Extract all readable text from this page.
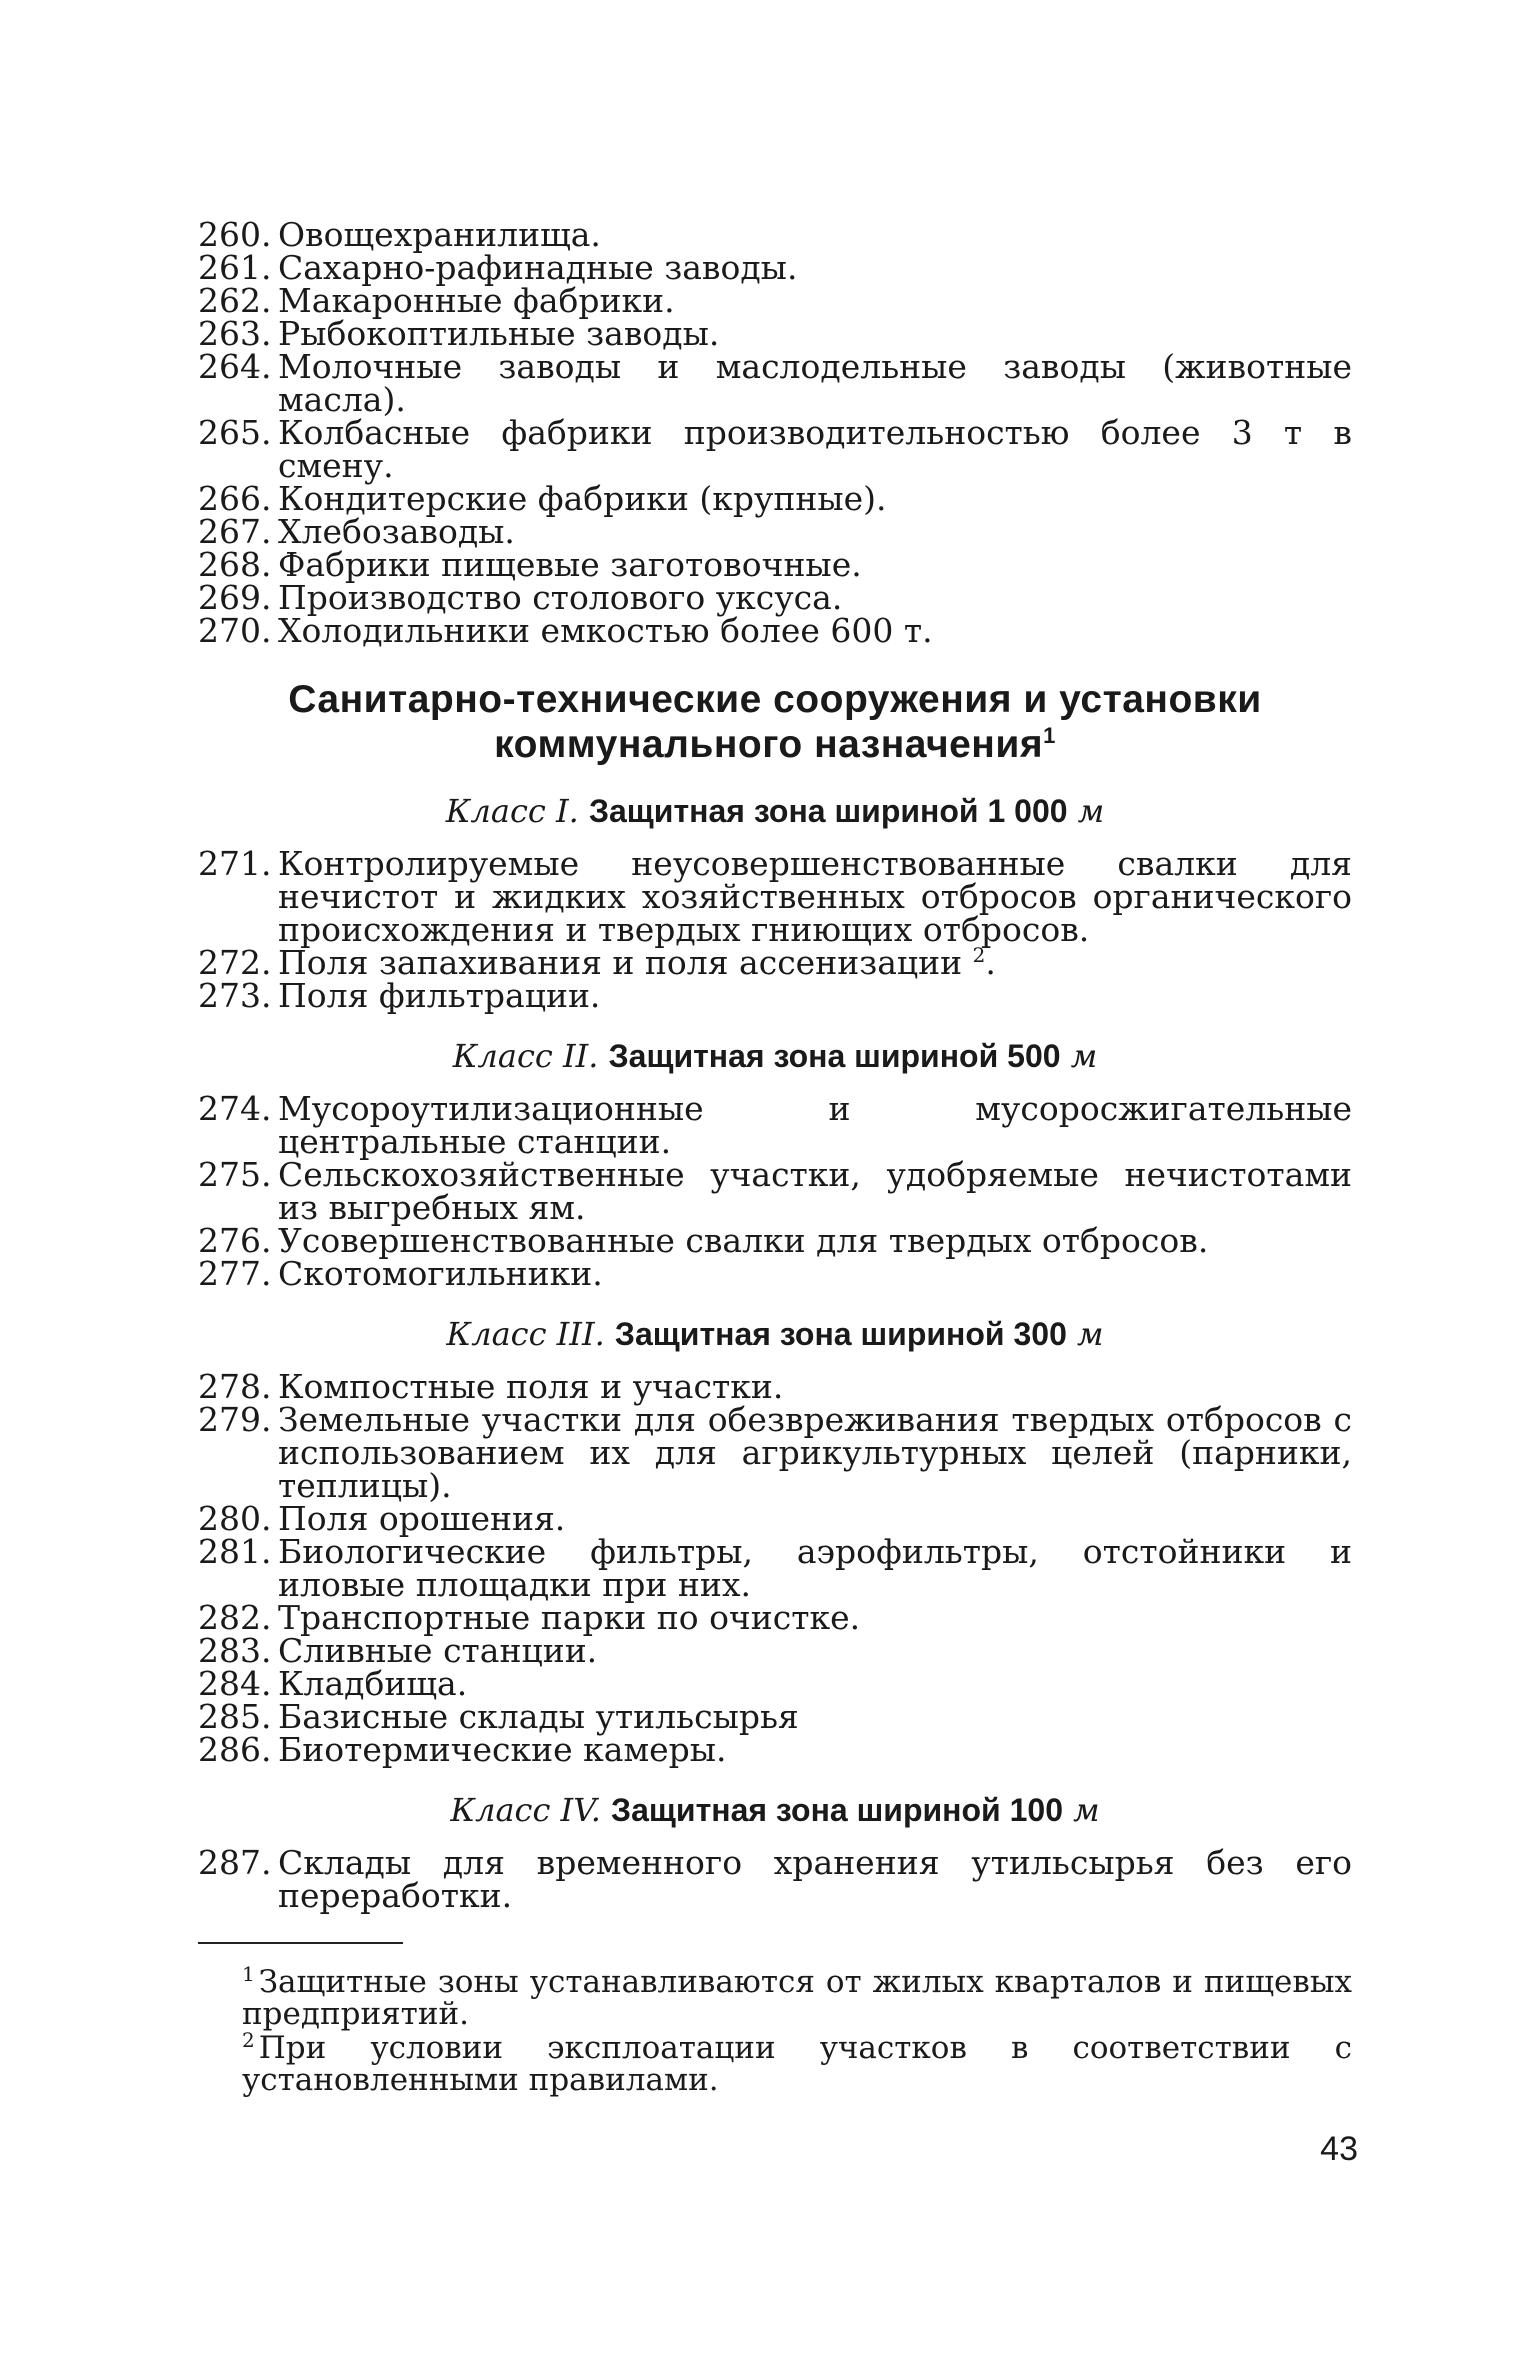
260. Овощехранилища.
261. Сахарно-рафинадные заводы.
262. Макаронные фабрики.
263. Рыбокоптильные заводы.
264. Молочные заводы и маслодельные заводы (животные масла).
265. Колбасные фабрики производительностью более 3 т в смену.
266. Кондитерские фабрики (крупные).
267. Хлебозаводы.
268. Фабрики пищевые заготовочные.
269. Производство столового уксуса.
270. Холодильники емкостью более 600 т.
Санитарно-технические сооружения и установки
коммунального назначения$^1$
Класс I. Защитная зона шириной 1 000 м
271. Контролируемые неусовершенствованные свалки для нечистот и жидких хозяйственных отбросов органического происхождения и твердых гниющих отбросов.
272. Поля запахивания и поля ассенизации $^2$.
273. Поля фильтрации.
Класс II. Защитная зона шириной 500 м
274. Мусороутилизационные и мусоросжигательные центральные станции.
275. Сельскохозяйственные участки, удобряемые нечистотами из выгребных ям.
276. Усовершенствованные свалки для твердых отбросов.
277. Скотомогильники.
Класс III. Защитная зона шириной 300 м
278. Компостные поля и участки.
279. Земельные участки для обезвреживания твердых отбросов с использованием их для агрикультурных целей (парники, теплицы).
280. Поля орошения.
281. Биологические фильтры, аэрофильтры, отстойники и иловые площадки при них.
282. Транспортные парки по очистке.
283. Сливные станции.
284. Кладбища.
285. Базисные склады утильсырья
286. Биотермические камеры.
Класс IV. Защитная зона шириной 100 м
287. Склады для временного хранения утильсырья без его переработки.

$^1$ Защитные зоны устанавливаются от жилых кварталов и пищевых предприятий.

$^2$ При условии эксплоатации участков в соответствии с установленными правилами.

43
